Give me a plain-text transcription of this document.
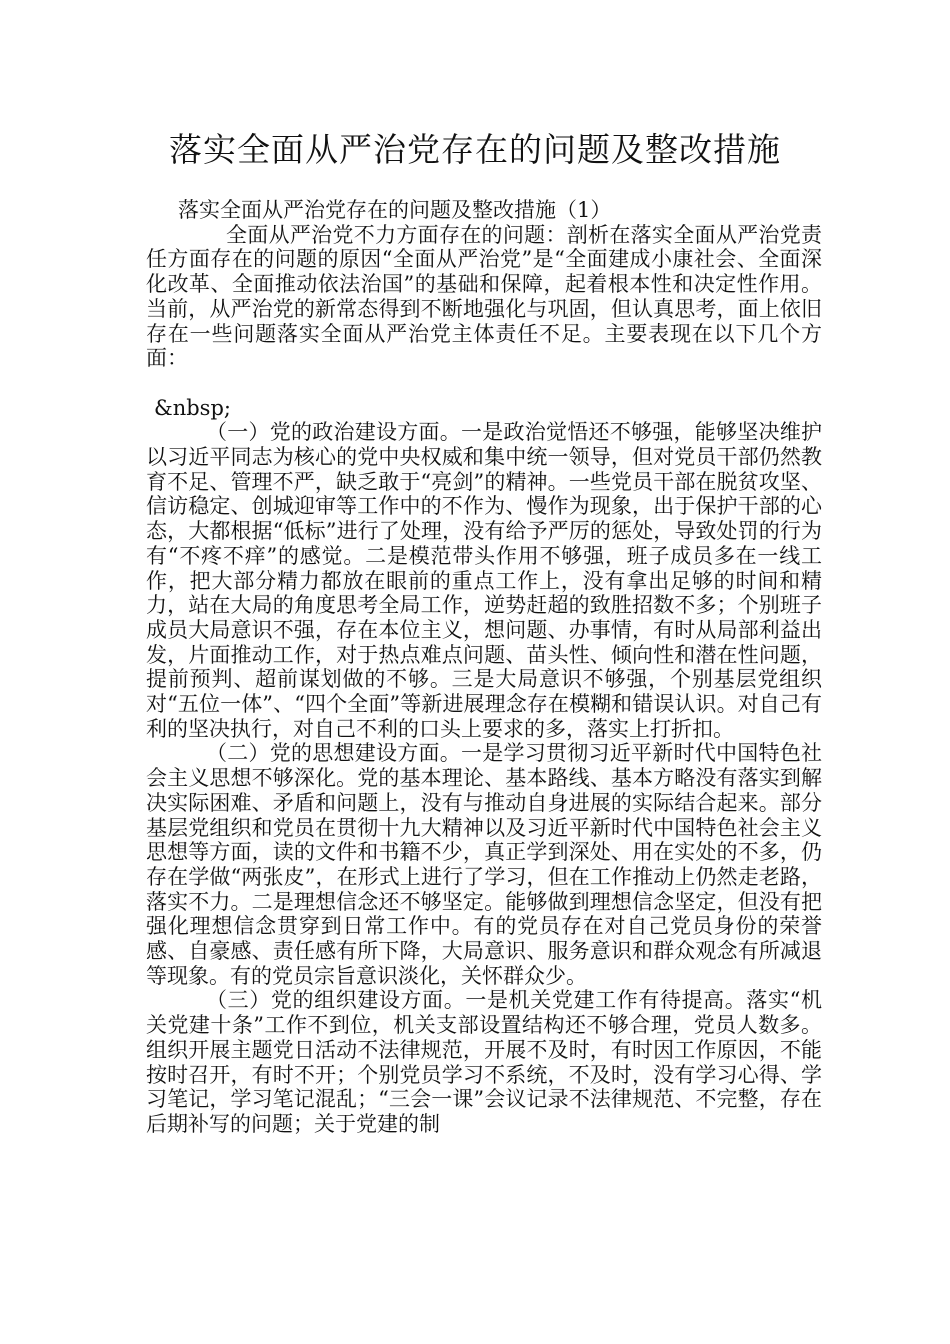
落实全面从严治党存在的问题及整改措施

落实全面从严治党存在的问题及整改措施（1）

全面从严治党不力方面存在的问题：剖析在落实全面从严治党责任方面存在的问题的原因“全面从严治党”是“全面建成小康社会、全面深化改革、全面推动依法治国”的基础和保障，起着根本性和决定性作用。当前，从严治党的新常态得到不断地强化与巩固，但认真思考，面上依旧存在一些问题落实全面从严治党主体责任不足。主要表现在以下几个方面：

&nbsp;

（一）党的政治建设方面。一是政治觉悟还不够强，能够坚决维护以习近平同志为核心的党中央权威和集中统一领导，但对党员干部仍然教育不足、管理不严，缺乏敢于“亮剑”的精神。一些党员干部在脱贫攻坚、信访稳定、创城迎审等工作中的不作为、慢作为现象，出于保护干部的心态，大都根据“低标”进行了处理，没有给予严厉的惩处，导致处罚的行为有“不疼不痒”的感觉。二是模范带头作用不够强，班子成员多在一线工作，把大部分精力都放在眼前的重点工作上，没有拿出足够的时间和精力，站在大局的角度思考全局工作，逆势赶超的致胜招数不多；个别班子成员大局意识不强，存在本位主义，想问题、办事情，有时从局部利益出发，片面推动工作，对于热点难点问题、苗头性、倾向性和潜在性问题，提前预判、超前谋划做的不够。三是大局意识不够强，个别基层党组织对“五位一体”、“四个全面”等新进展理念存在模糊和错误认识。对自己有利的坚决执行，对自己不利的口头上要求的多，落实上打折扣。

（二）党的思想建设方面。一是学习贯彻习近平新时代中国特色社会主义思想不够深化。党的基本理论、基本路线、基本方略没有落实到解决实际困难、矛盾和问题上，没有与推动自身进展的实际结合起来。部分基层党组织和党员在贯彻十九大精神以及习近平新时代中国特色社会主义思想等方面，读的文件和书籍不少，真正学到深处、用在实处的不多，仍存在学做“两张皮”，在形式上进行了学习，但在工作推动上仍然走老路，落实不力。二是理想信念还不够坚定。能够做到理想信念坚定，但没有把强化理想信念贯穿到日常工作中。有的党员存在对自己党员身份的荣誉感、自豪感、责任感有所下降，大局意识、服务意识和群众观念有所减退等现象。有的党员宗旨意识淡化，关怀群众少。

（三）党的组织建设方面。一是机关党建工作有待提高。落实“机关党建十条”工作不到位，机关支部设置结构还不够合理，党员人数多。组织开展主题党日活动不法律规范，开展不及时，有时因工作原因，不能按时召开，有时不开；个别党员学习不系统，不及时，没有学习心得、学习笔记，学习笔记混乱；“三会一课”会议记录不法律规范、不完整，存在后期补写的问题；关于党建的制
